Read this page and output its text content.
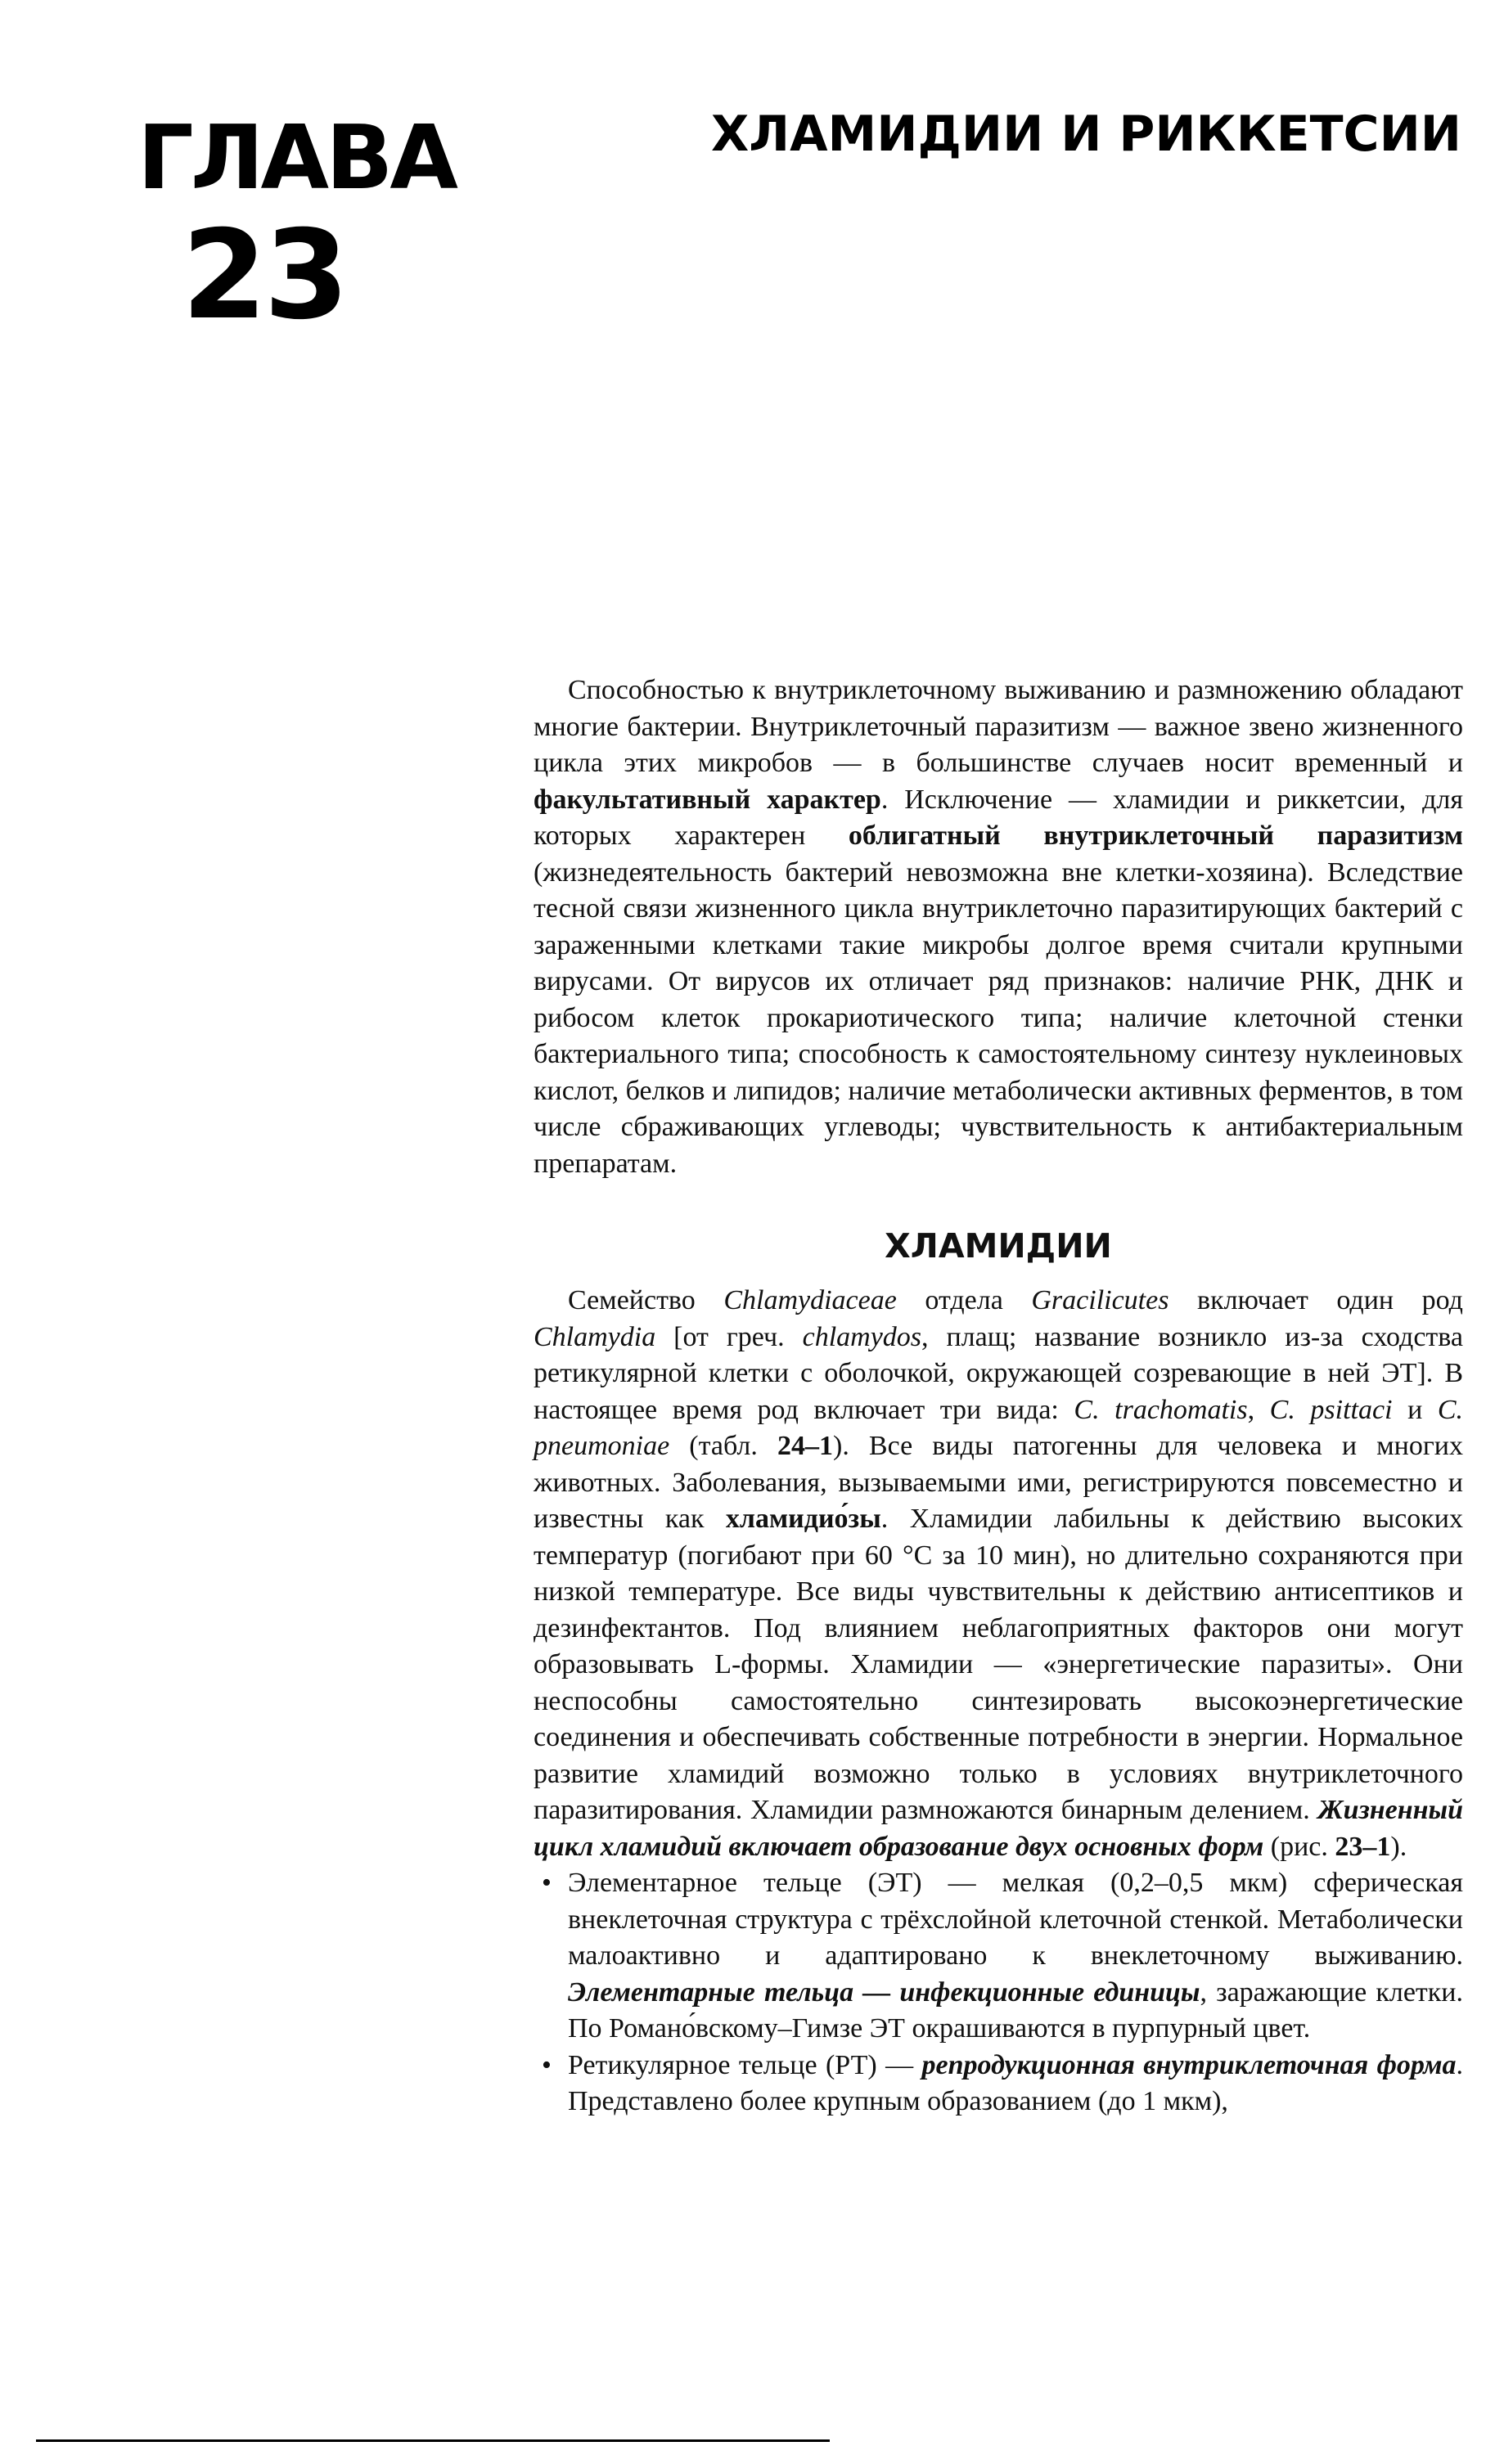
ГЛАВА
23
ХЛАМИДИИ И РИККЕТСИИ

Способностью к внутриклеточному выживанию и размножению обладают многие бактерии. Внутриклеточный паразитизм — важное звено жизненного цикла этих микробов — в большинстве случаев носит временный и факультативный характер. Исключение — хламидии и риккетсии, для которых характерен облигатный внутриклеточный паразитизм (жизнедеятельность бактерий невозможна вне клетки-хозяина). Вследствие тесной связи жизненного цикла внутриклеточно паразитирующих бактерий с зараженными клетками такие микробы долгое время считали крупными вирусами. От вирусов их отличает ряд признаков: наличие РНК, ДНК и рибосом клеток прокариотического типа; наличие клеточной стенки бактериального типа; способность к самостоятельному синтезу нуклеиновых кислот, белков и липидов; наличие метаболически активных ферментов, в том числе сбраживающих углеводы; чувствительность к антибактериальным препаратам.

ХЛАМИДИИ

Семейство Chlamydiaceae отдела Gracilicutes включает один род Chlamydia [от греч. chlamydos, плащ; название возникло из-за сходства ретикулярной клетки с оболочкой, окружающей созревающие в ней ЭТ]. В настоящее время род включает три вида: C. trachomatis, C. psittaci и C. pneumoniae (табл. 24–1). Все виды патогенны для человека и многих животных. Заболевания, вызываемыми ими, регистрируются повсеместно и известны как хламидио́зы. Хламидии лабильны к действию высоких температур (погибают при 60 °С за 10 мин), но длительно сохраняются при низкой температуре. Все виды чувствительны к действию антисептиков и дезинфектантов. Под влиянием неблагоприятных факторов они могут образовывать L-формы. Хламидии — «энергетические паразиты». Они неспособны самостоятельно синтезировать высокоэнергетические соединения и обеспечивать собственные потребности в энергии. Нормальное развитие хламидий возможно только в условиях внутриклеточного паразитирования. Хламидии размножаются бинарным делением. Жизненный цикл хламидий включает образование двух основных форм (рис. 23–1).

• Элементарное тельце (ЭТ) — мелкая (0,2–0,5 мкм) сферическая внеклеточная структура с трёхслойной клеточной стенкой. Метаболически малоактивно и адаптировано к внеклеточному выживанию. Элементарные тельца — инфекционные единицы, заражающие клетки. По Романо́вскому–Гимзе ЭТ окрашиваются в пурпурный цвет.
• Ретикулярное тельце (РТ) — репродукционная внутриклеточная форма. Представлено более крупным образованием (до 1 мкм),
